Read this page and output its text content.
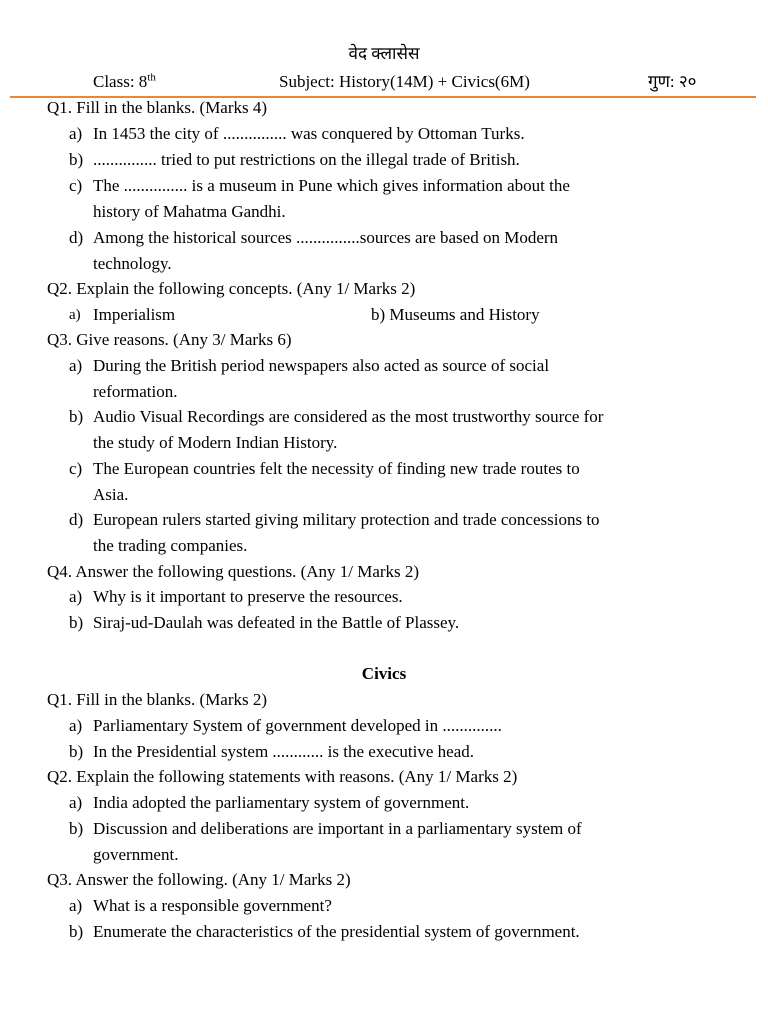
वेद क्लासेस
Class: 8th	Subject: History(14M) + Civics(6M)	गुण: २०
Q1. Fill in the blanks. (Marks 4)
a) In 1453 the city of ............... was conquered by Ottoman Turks.
b) ............... tried to put restrictions on the illegal trade of British.
c) The ............... is a museum in Pune which gives information about the
history of Mahatma Gandhi.
d) Among the historical sources ...............sources are based on Modern
technology.
Q2. Explain the following concepts. (Any 1/ Marks 2)
a) Imperialism	b) Museums and History
Q3. Give reasons. (Any 3/ Marks 6)
a) During the British period newspapers also acted as source of social
reformation.
b) Audio Visual Recordings are considered as the most trustworthy source for
the study of Modern Indian History.
c) The European countries felt the necessity of finding new trade routes to
Asia.
d) European rulers started giving military protection and trade concessions to
the trading companies.
Q4. Answer the following questions. (Any 1/ Marks 2)
a) Why is it important to preserve the resources.
b) Siraj-ud-Daulah was defeated in the Battle of Plassey.
Civics
Q1. Fill in the blanks. (Marks 2)
a) Parliamentary System of government developed in ..............
b) In the Presidential system ............ is the executive head.
Q2. Explain the following statements with reasons. (Any 1/ Marks 2)
a) India adopted the parliamentary system of government.
b) Discussion and deliberations are important in a parliamentary system of
government.
Q3. Answer the following. (Any 1/ Marks 2)
a) What is a responsible government?
b) Enumerate the characteristics of the presidential system of government.
